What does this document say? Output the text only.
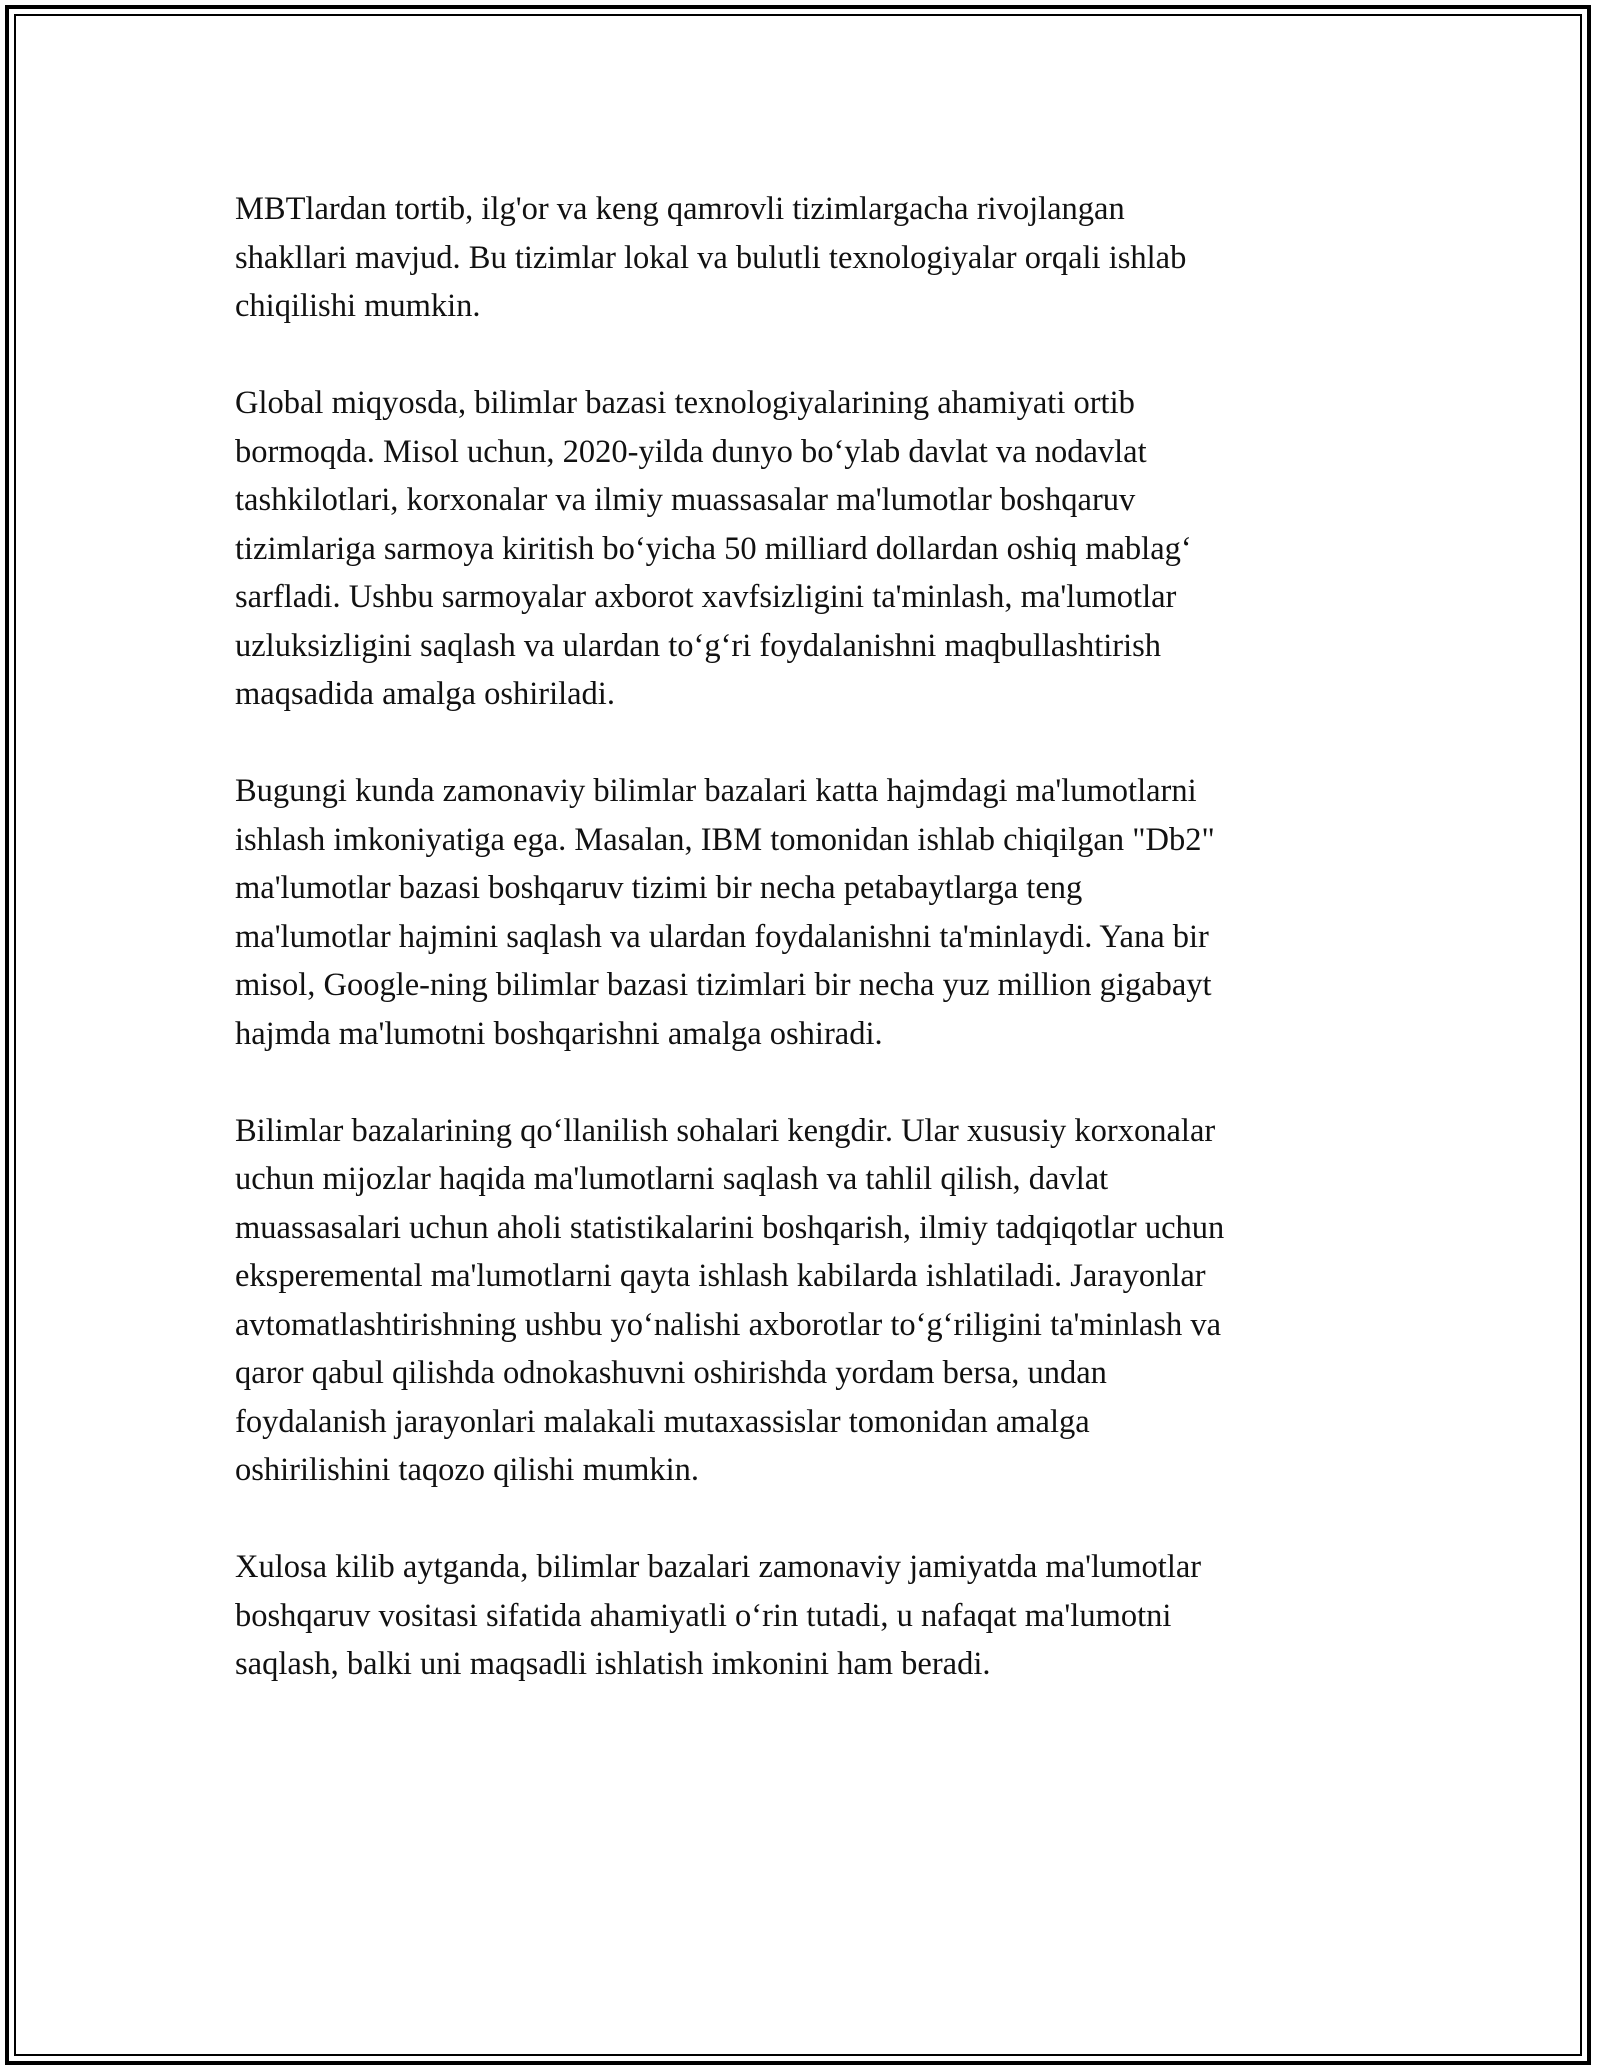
MBTlardan tortib, ilg'or va keng qamrovli tizimlargacha rivojlangan
shakllari mavjud. Bu tizimlar lokal va bulutli texnologiyalar orqali ishlab
chiqilishi mumkin.

Global miqyosda, bilimlar bazasi texnologiyalarining ahamiyati ortib
bormoqda. Misol uchun, 2020-yilda dunyo bo‘ylab davlat va nodavlat
tashkilotlari, korxonalar va ilmiy muassasalar ma'lumotlar boshqaruv
tizimlariga sarmoya kiritish bo‘yicha 50 milliard dollardan oshiq mablag‘
sarfladi. Ushbu sarmoyalar axborot xavfsizligini ta'minlash, ma'lumotlar
uzluksizligini saqlash va ulardan to‘g‘ri foydalanishni maqbullashtirish
maqsadida amalga oshiriladi.

Bugungi kunda zamonaviy bilimlar bazalari katta hajmdagi ma'lumotlarni
ishlash imkoniyatiga ega. Masalan, IBM tomonidan ishlab chiqilgan "Db2"
ma'lumotlar bazasi boshqaruv tizimi bir necha petabaytlarga teng
ma'lumotlar hajmini saqlash va ulardan foydalanishni ta'minlaydi. Yana bir
misol, Google-ning bilimlar bazasi tizimlari bir necha yuz million gigabayt
hajmda ma'lumotni boshqarishni amalga oshiradi.

Bilimlar bazalarining qo‘llanilish sohalari kengdir. Ular xususiy korxonalar
uchun mijozlar haqida ma'lumotlarni saqlash va tahlil qilish, davlat
muassasalari uchun aholi statistikalarini boshqarish, ilmiy tadqiqotlar uchun
eksperemental ma'lumotlarni qayta ishlash kabilarda ishlatiladi. Jarayonlar
avtomatlashtirishning ushbu yo‘nalishi axborotlar to‘g‘riligini ta'minlash va
qaror qabul qilishda odnokashuvni oshirishda yordam bersa, undan
foydalanish jarayonlari malakali mutaxassislar tomonidan amalga
oshirilishini taqozo qilishi mumkin.

Xulosa kilib aytganda, bilimlar bazalari zamonaviy jamiyatda ma'lumotlar
boshqaruv vositasi sifatida ahamiyatli o‘rin tutadi, u nafaqat ma'lumotni
saqlash, balki uni maqsadli ishlatish imkonini ham beradi.
